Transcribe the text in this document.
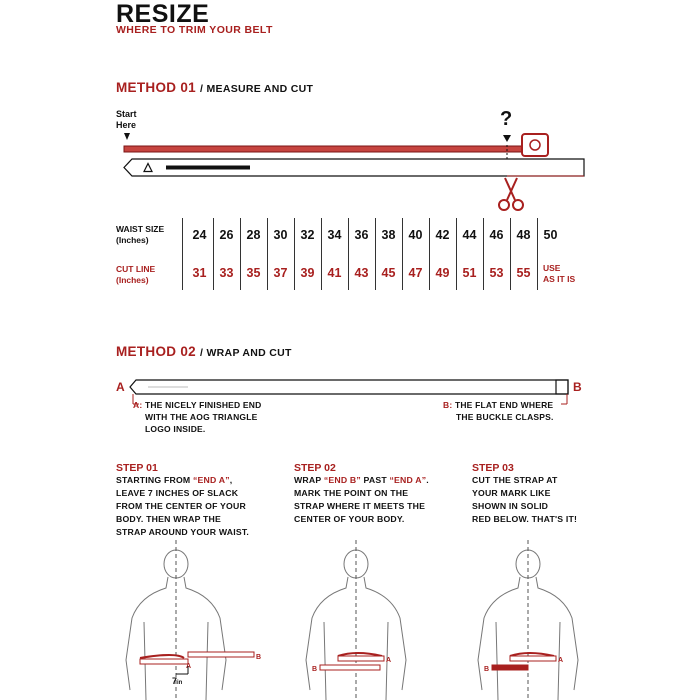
RESIZE
WHERE TO TRIM YOUR BELT
METHOD 01 / MEASURE AND CUT
Start
Here	?
WAIST SIZE
(Inches)
CUT LINE
(Inches)
24	26	28	30	32	34	36	38	40	42	44	46	48	50
31	33	35	37	39	41	43	45	47	49	51	53	55	USE
AS IT IS
METHOD 02 / WRAP AND CUT
A	B
A: THE NICELY FINISHED END
WITH THE AOG TRIANGLE
LOGO INSIDE.
B: THE FLAT END WHERE
THE BUCKLE CLASPS.
STEP 01
STARTING FROM “END A”,
LEAVE 7 INCHES OF SLACK
FROM THE CENTER OF YOUR
BODY. THEN WRAP THE
STRAP AROUND YOUR WAIST.
STEP 02
WRAP “END B” PAST “END A”.
MARK THE POINT ON THE
STRAP WHERE IT MEETS THE
CENTER OF YOUR BODY.
STEP 03
CUT THE STRAP AT
YOUR MARK LIKE
SHOWN IN SOLID
RED BELOW. THAT'S IT!
A
B
7in
B
A
B
A
